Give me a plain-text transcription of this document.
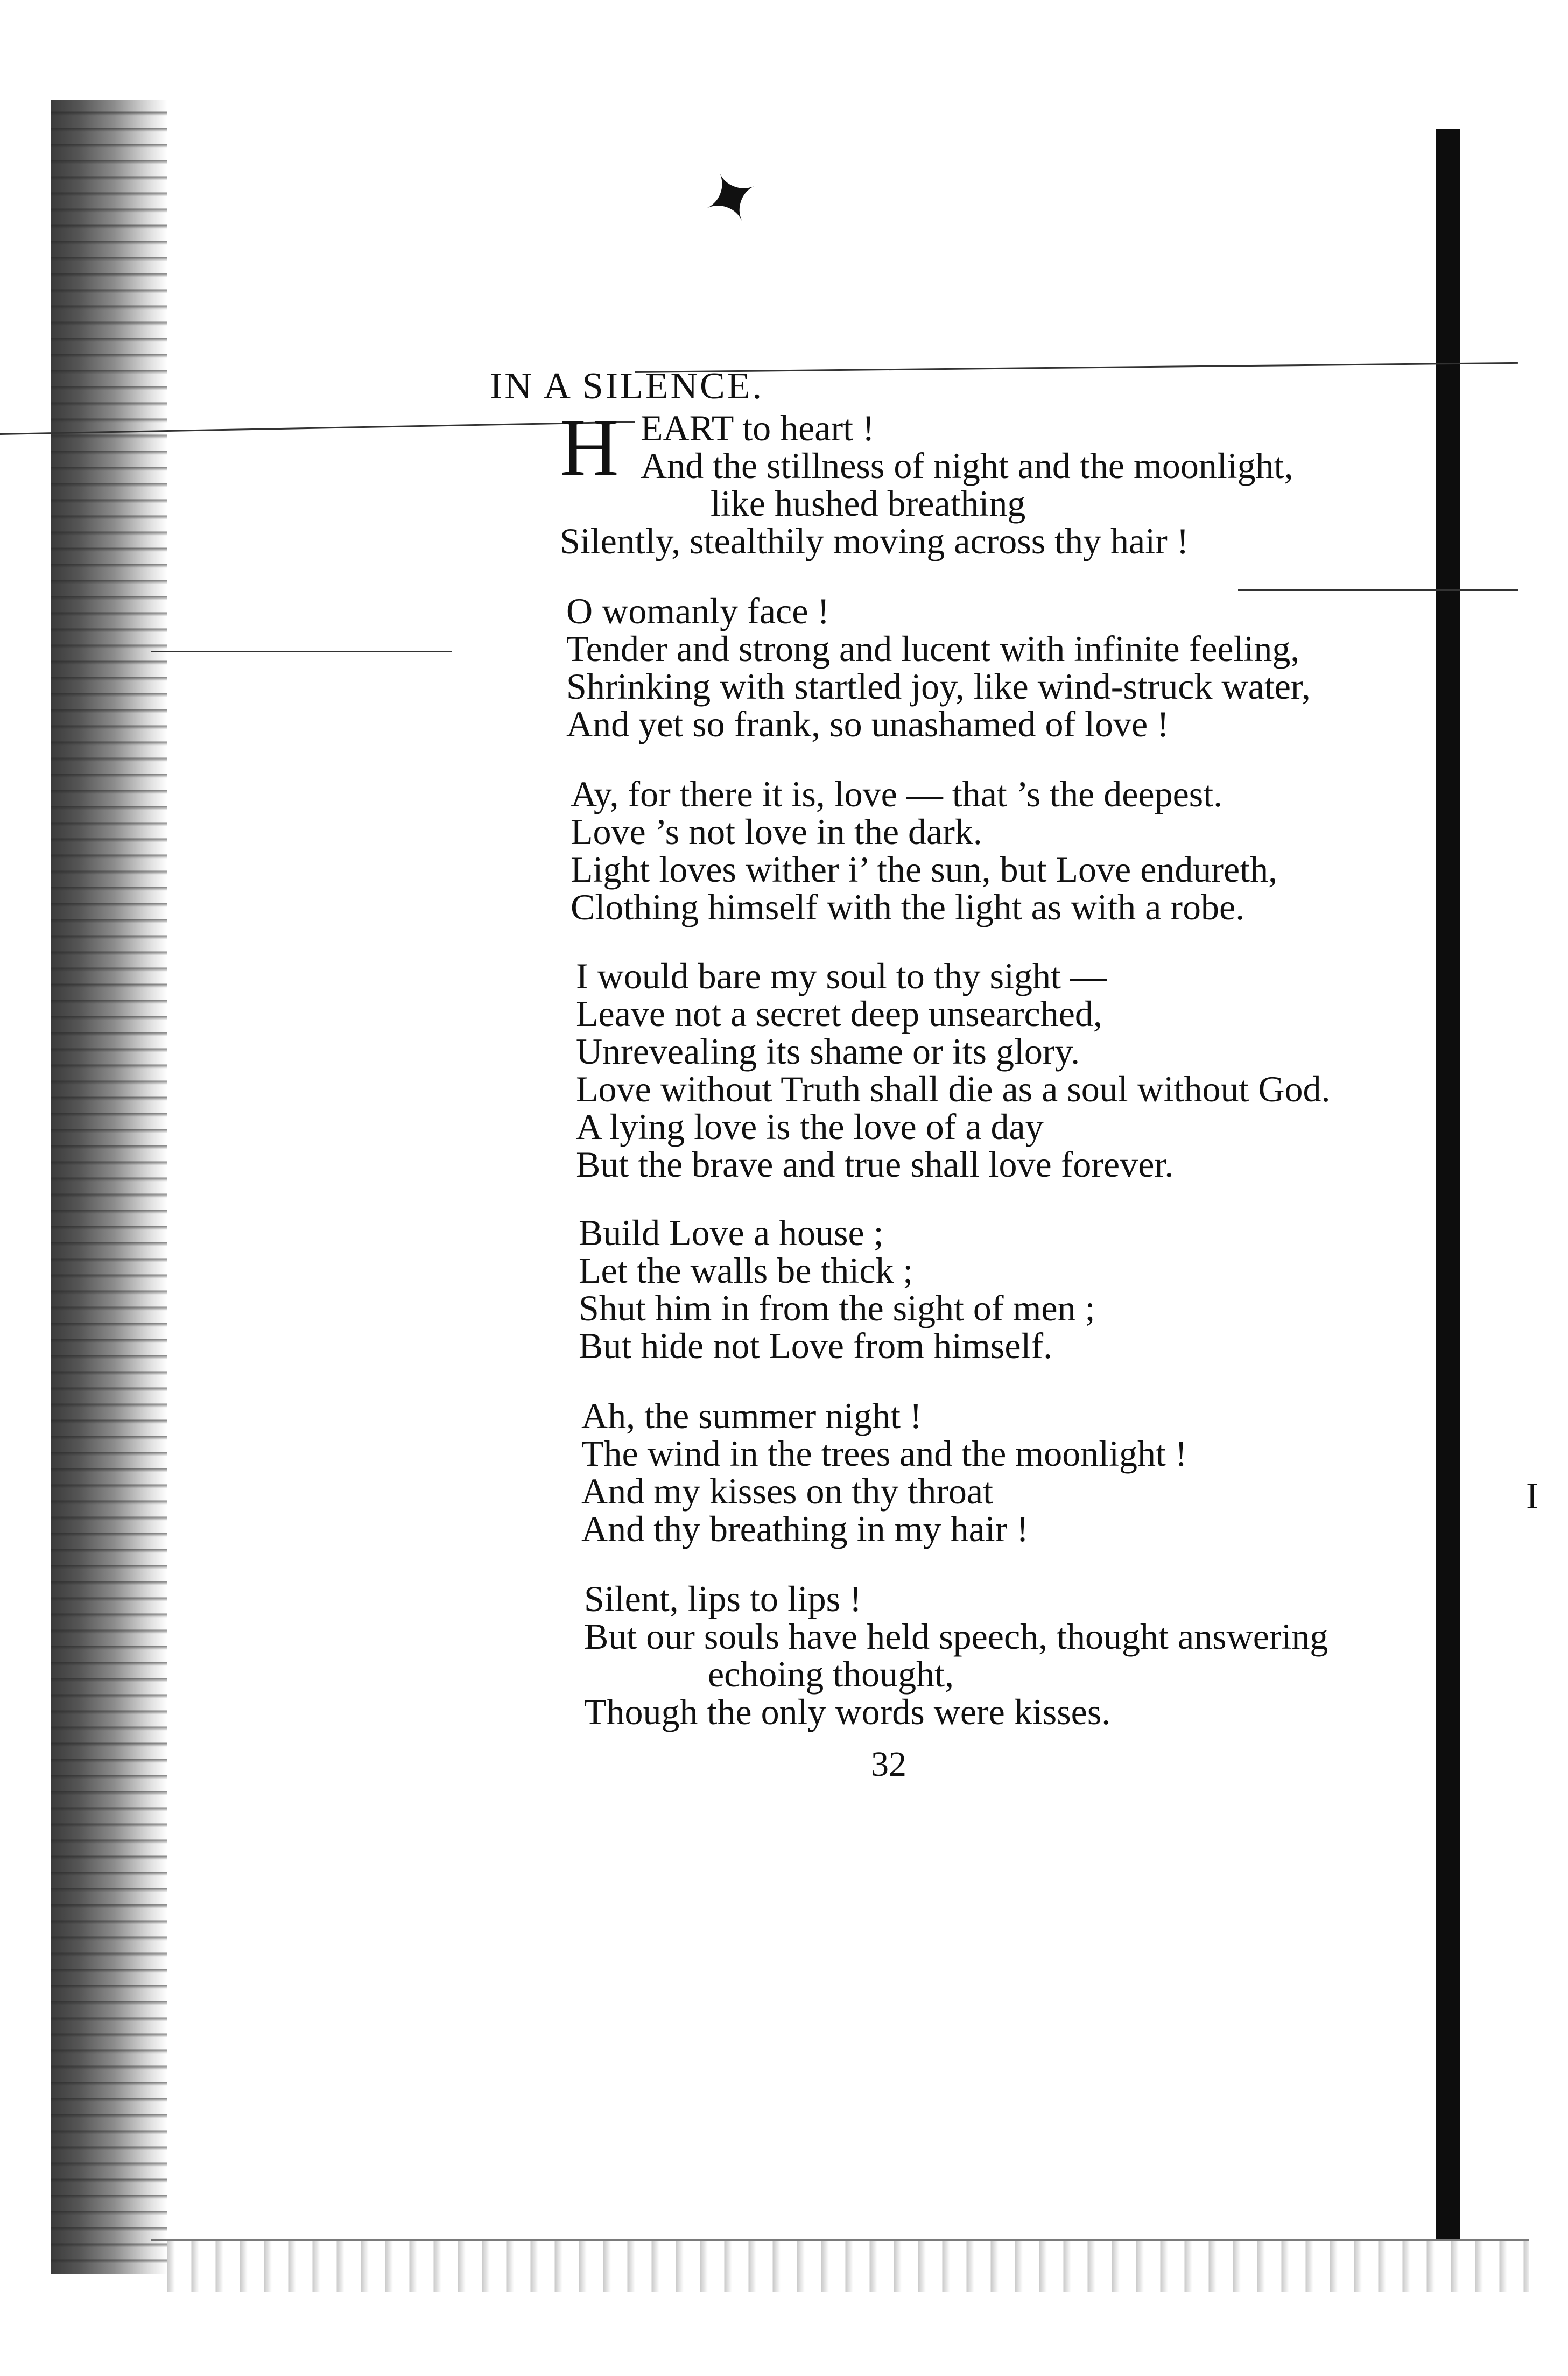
✦
IN A SILENCE.
H EART to heart !
And the stillness of night and the moonlight,
like hushed breathing
Silently, stealthily moving across thy hair !
O womanly face !
Tender and strong and lucent with infinite feeling,
Shrinking with startled joy, like wind-struck water,
And yet so frank, so unashamed of love !
Ay, for there it is, love — that ’s the deepest.
Love ’s not love in the dark.
Light loves wither i’ the sun, but Love endureth,
Clothing himself with the light as with a robe.
I would bare my soul to thy sight —
Leave not a secret deep unsearched,
Unrevealing its shame or its glory.
Love without Truth shall die as a soul without God.
A lying love is the love of a day
But the brave and true shall love forever.
Build Love a house ;
Let the walls be thick ;
Shut him in from the sight of men ;
But hide not Love from himself.
Ah, the summer night !
The wind in the trees and the moonlight !
And my kisses on thy throat
And thy breathing in my hair !
Silent, lips to lips !
But our souls have held speech, thought answering
echoing thought,
Though the only words were kisses.
32
I
